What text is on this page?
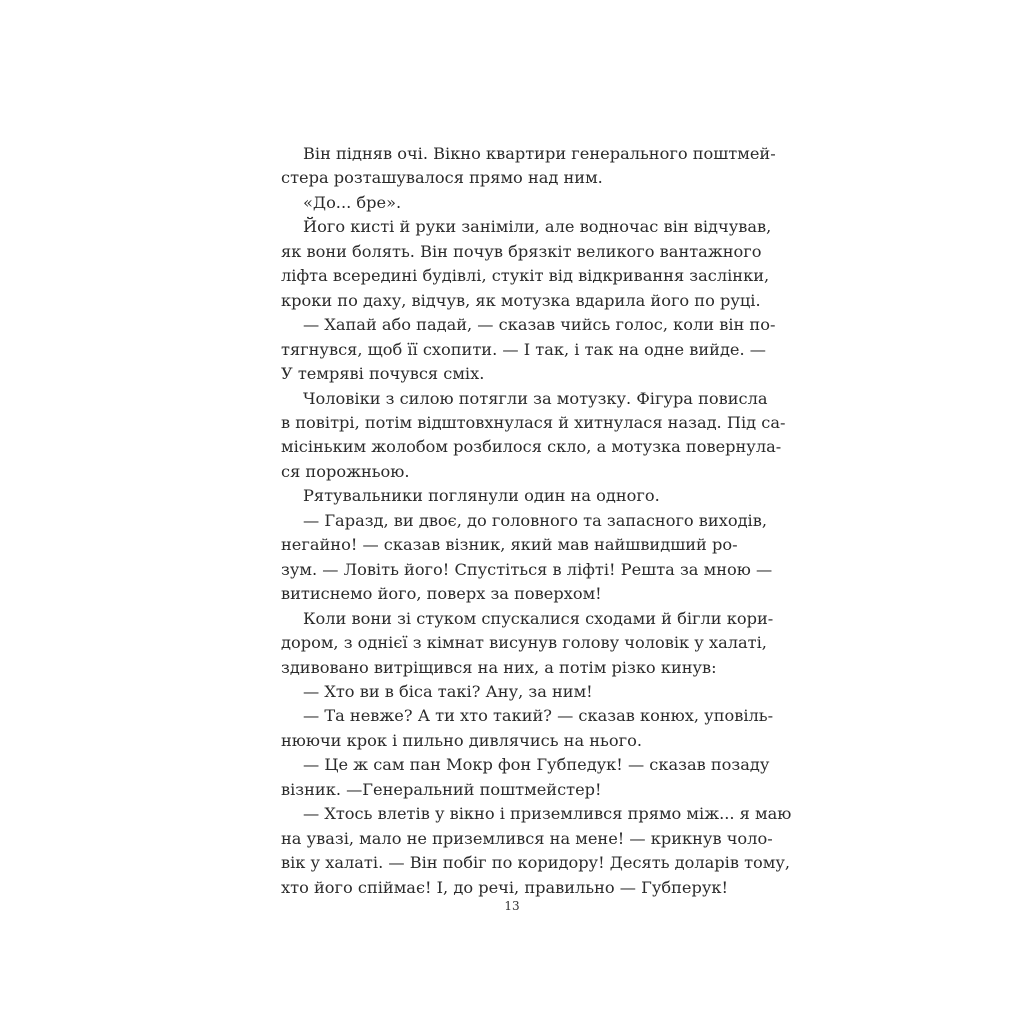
Він підняв очі. Вікно квартири генерального поштмей-
стера розташувалося прямо над ним.
«До... бре».
Його кисті й руки заніміли, але водночас він відчував,
як вони болять. Він почув брязкіт великого вантажного
ліфта всередині будівлі, стукіт від відкривання заслінки,
кроки по даху, відчув, як мотузка вдарила його по руці.
— Хапай або падай, — сказав чийсь голос, коли він по-
тягнувся, щоб її схопити. — І так, і так на одне вийде. —
У темряві почувся сміх.
Чоловіки з силою потягли за мотузку. Фігура повисла
в повітрі, потім відштовхнулася й хитнулася назад. Під са-
місіньким жолобом розбилося скло, а мотузка повернула-
ся порожньою.
Рятувальники поглянули один на одного.
— Гаразд, ви двоє, до головного та запасного виходів,
негайно! — сказав візник, який мав найшвидший ро-
зум. — Ловіть його! Спустіться в ліфті! Решта за мною —
витиснемо його, поверх за поверхом!
Коли вони зі стуком спускалися сходами й бігли кори-
дором, з однієї з кімнат висунув голову чоловік у халаті,
здивовано витріщився на них, а потім різко кинув:
— Хто ви в біса такі? Ану, за ним!
— Та невже? А ти хто такий? — сказав конюх, уповіль-
нюючи крок і пильно дивлячись на нього.
— Це ж сам пан Мокр фон Губпедук! — сказав позаду
візник. —Генеральний поштмейстер!
— Хтось влетів у вікно і приземлився прямо між... я маю
на увазі, мало не приземлився на мене! — крикнув чоло-
вік у халаті. — Він побіг по коридору! Десять доларів тому,
хто його спіймає! І, до речі, правильно — Губперук!
13
